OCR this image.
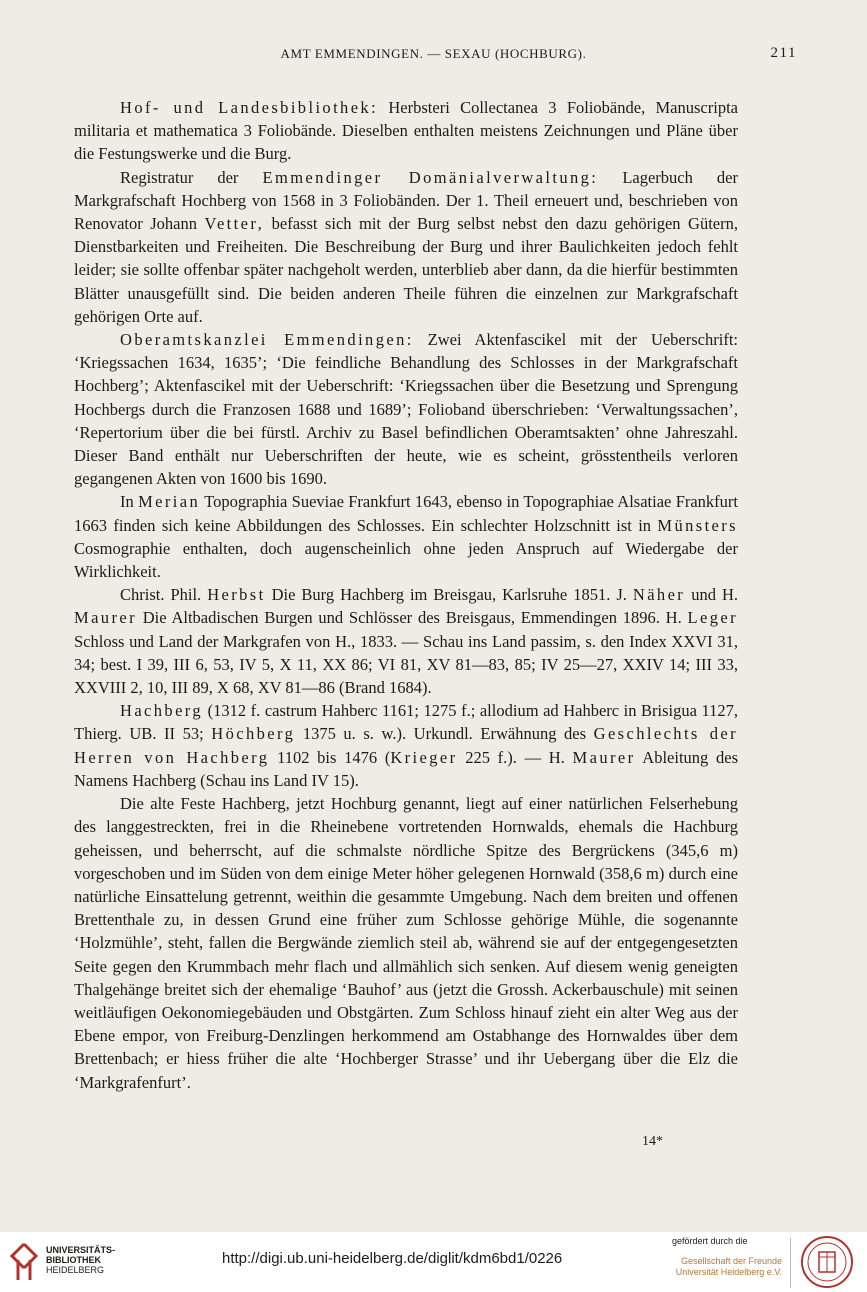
AMT EMMENDINGEN. — SEXAU (HOCHBURG).	211

Hof- und Landesbibliothek: Herbsteri Collectanea 3 Foliobände, Manuscripta militaria et mathematica 3 Foliobände. Dieselben enthalten meistens Zeichnungen und Pläne über die Festungswerke und die Burg.

Registratur der Emmendinger Domänialverwaltung: Lagerbuch der Markgrafschaft Hochberg von 1568 in 3 Foliobänden. Der 1. Theil erneuert und, beschrieben von Renovator Johann Vetter, befasst sich mit der Burg selbst nebst den dazu gehörigen Gütern, Dienstbarkeiten und Freiheiten. Die Beschreibung der Burg und ihrer Baulichkeiten jedoch fehlt leider; sie sollte offenbar später nachgeholt werden, unterblieb aber dann, da die hierfür bestimmten Blätter unausgefüllt sind. Die beiden anderen Theile führen die einzelnen zur Markgrafschaft gehörigen Orte auf.

Oberamtskanzlei Emmendingen: Zwei Aktenfascikel mit der Ueberschrift: ‘Kriegssachen 1634, 1635’; ‘Die feindliche Behandlung des Schlosses in der Markgrafschaft Hochberg’; Aktenfascikel mit der Ueberschrift: ‘Kriegssachen über die Besetzung und Sprengung Hochbergs durch die Franzosen 1688 und 1689’; Folioband überschrieben: ‘Verwaltungssachen’, ‘Repertorium über die bei fürstl. Archiv zu Basel befindlichen Oberamtsakten’ ohne Jahreszahl. Dieser Band enthält nur Ueberschriften der heute, wie es scheint, grösstentheils verloren gegangenen Akten von 1600 bis 1690.

In Merian Topographia Sueviae Frankfurt 1643, ebenso in Topographiae Alsatiae Frankfurt 1663 finden sich keine Abbildungen des Schlosses. Ein schlechter Holzschnitt ist in Münsters Cosmographie enthalten, doch augenscheinlich ohne jeden Anspruch auf Wiedergabe der Wirklichkeit.

Christ. Phil. Herbst Die Burg Hachberg im Breisgau, Karlsruhe 1851. J. Näher und H. Maurer Die Altbadischen Burgen und Schlösser des Breisgaus, Emmendingen 1896. H. Leger Schloss und Land der Markgrafen von H., 1833. — Schau ins Land passim, s. den Index XXVI 31, 34; best. I 39, III 6, 53, IV 5, X 11, XX 86; VI 81, XV 81—83, 85; IV 25—27, XXIV 14; III 33, XXVIII 2, 10, III 89, X 68, XV 81—86 (Brand 1684).

Hachberg (1312 f. castrum Hahberc 1161; 1275 f.; allodium ad Hahberc in Brisigua 1127, Thierg. UB. II 53; Höchberg 1375 u. s. w.). Urkundl. Erwähnung des Geschlechts der Herren von Hachberg 1102 bis 1476 (Krieger 225 f.). — H. Maurer Ableitung des Namens Hachberg (Schau ins Land IV 15).

Die alte Feste Hachberg, jetzt Hochburg genannt, liegt auf einer natürlichen Felserhebung des langgestreckten, frei in die Rheinebene vortretenden Hornwalds, ehemals die Hachburg geheissen, und beherrscht, auf die schmalste nördliche Spitze des Bergrückens (345,6 m) vorgeschoben und im Süden von dem einige Meter höher gelegenen Hornwald (358,6 m) durch eine natürliche Einsattelung getrennt, weithin die gesammte Umgebung. Nach dem breiten und offenen Brettenthale zu, in dessen Grund eine früher zum Schlosse gehörige Mühle, die sogenannte ‘Holzmühle’, steht, fallen die Bergwände ziemlich steil ab, während sie auf der entgegengesetzten Seite gegen den Krummbach mehr flach und allmählich sich senken. Auf diesem wenig geneigten Thalgehänge breitet sich der ehemalige ‘Bauhof’ aus (jetzt die Grossh. Ackerbauschule) mit seinen weitläufigen Oekonomiegebäuden und Obstgärten. Zum Schloss hinauf zieht ein alter Weg aus der Ebene empor, von Freiburg-Denzlingen herkommend am Ostabhange des Hornwaldes über dem Brettenbach; er hiess früher die alte ‘Hochberger Strasse’ und ihr Uebergang über die Elz die ‘Markgrafenfurt’.

14*
UNIVERSITÄTS-
BIBLIOTHEK
HEIDELBERG
http://digi.ub.uni-heidelberg.de/diglit/kdm6bd1/0226
gefördert durch die
Gesellschaft der Freunde
Universität Heidelberg e.V.
